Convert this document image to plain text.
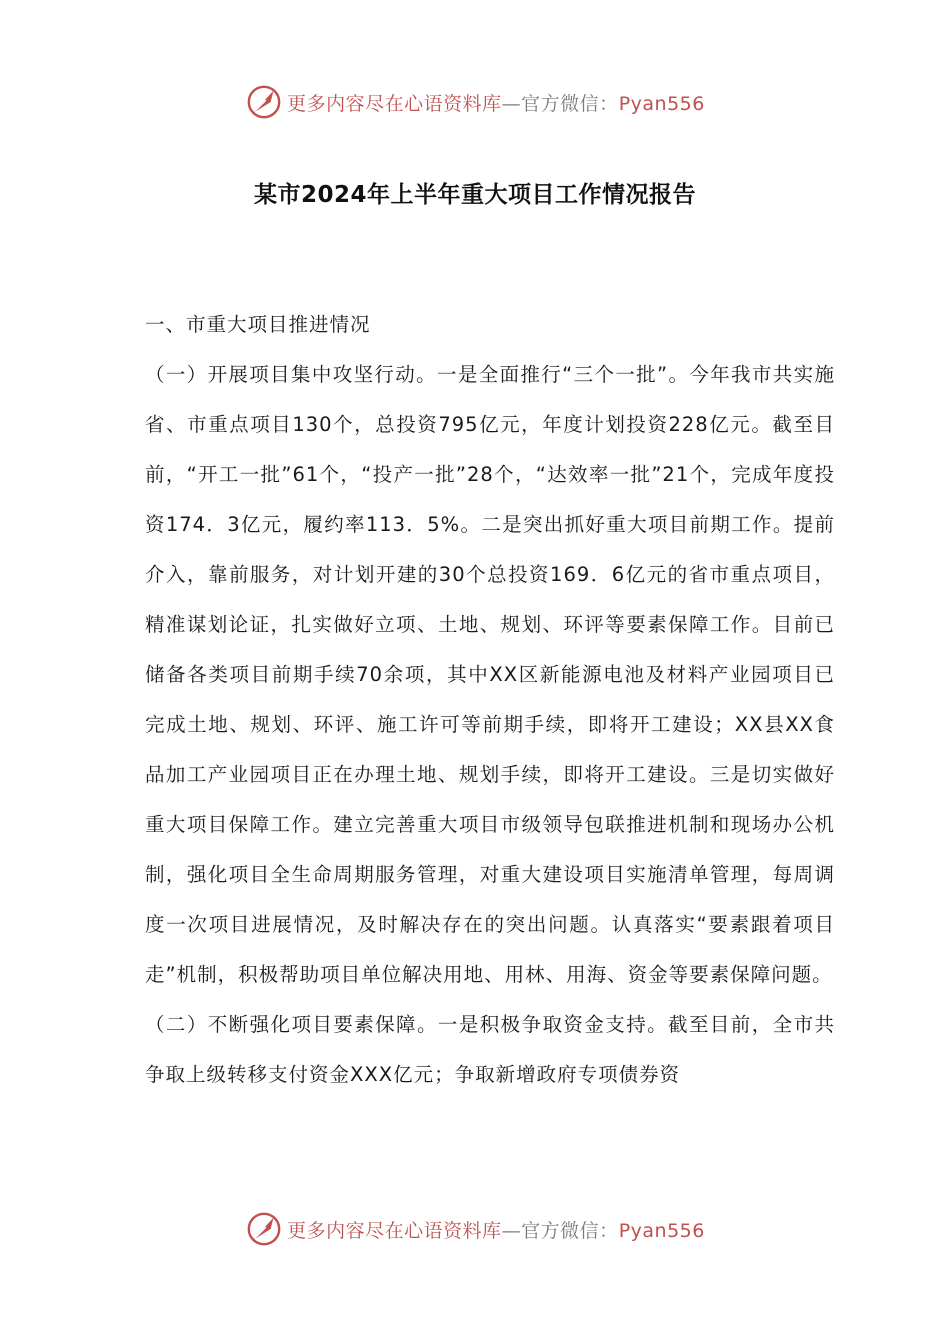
更多内容尽在心语资料库—官方微信：Pyan556
某市2024年上半年重大项目工作情况报告

一、市重大项目推进情况

（一）开展项目集中攻坚行动。一是全面推行“三个一批”。今年我市共实施省、市重点项目130个，总投资795亿元，年度计划投资228亿元。截至目前，“开工一批”61个，“投产一批”28个，“达效率一批”21个，完成年度投资174．3亿元，履约率113．5%。二是突出抓好重大项目前期工作。提前介入，靠前服务，对计划开建的30个总投资169．6亿元的省市重点项目，精准谋划论证，扎实做好立项、土地、规划、环评等要素保障工作。目前已储备各类项目前期手续70余项，其中XX区新能源电池及材料产业园项目已完成土地、规划、环评、施工许可等前期手续，即将开工建设；XX县XX食品加工产业园项目正在办理土地、规划手续，即将开工建设。三是切实做好重大项目保障工作。建立完善重大项目市级领导包联推进机制和现场办公机制，强化项目全生命周期服务管理，对重大建设项目实施清单管理，每周调度一次项目进展情况，及时解决存在的突出问题。认真落实“要素跟着项目走”机制，积极帮助项目单位解决用地、用林、用海、资金等要素保障问题。

（二）不断强化项目要素保障。一是积极争取资金支持。截至目前，全市共争取上级转移支付资金XXX亿元；争取新增政府专项债券资

更多内容尽在心语资料库—官方微信：Pyan556
